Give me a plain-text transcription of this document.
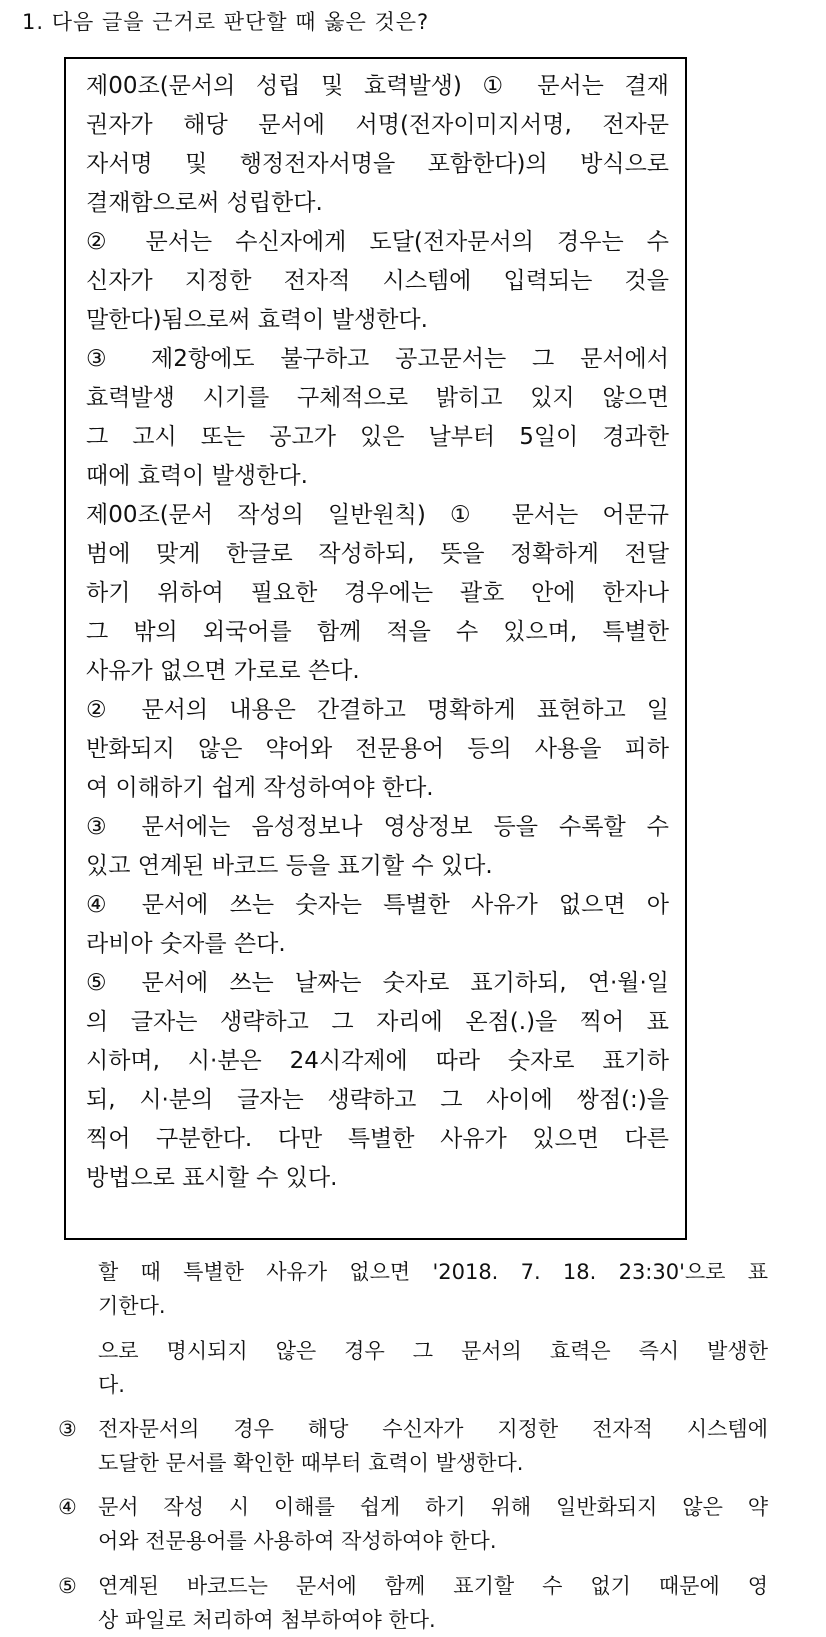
1. 다음 글을 근거로 판단할 때 옳은 것은?
제00조(문서의 성립 및 효력발생) ① 문서는 결재
권자가 해당 문서에 서명(전자이미지서명, 전자문
자서명 및 행정전자서명을 포함한다)의 방식으로
결재함으로써 성립한다.
② 문서는 수신자에게 도달(전자문서의 경우는 수
신자가 지정한 전자적 시스템에 입력되는 것을
말한다)됨으로써 효력이 발생한다.
③ 제2항에도 불구하고 공고문서는 그 문서에서
효력발생 시기를 구체적으로 밝히고 있지 않으면
그 고시 또는 공고가 있은 날부터 5일이 경과한
때에 효력이 발생한다.
제00조(문서 작성의 일반원칙) ① 문서는 어문규
범에 맞게 한글로 작성하되, 뜻을 정확하게 전달
하기 위하여 필요한 경우에는 괄호 안에 한자나
그 밖의 외국어를 함께 적을 수 있으며, 특별한
사유가 없으면 가로로 쓴다.
② 문서의 내용은 간결하고 명확하게 표현하고 일
반화되지 않은 약어와 전문용어 등의 사용을 피하
여 이해하기 쉽게 작성하여야 한다.
③ 문서에는 음성정보나 영상정보 등을 수록할 수
있고 연계된 바코드 등을 표기할 수 있다.
④ 문서에 쓰는 숫자는 특별한 사유가 없으면 아
라비아 숫자를 쓴다.
⑤ 문서에 쓰는 날짜는 숫자로 표기하되, 연·월·일
의 글자는 생략하고 그 자리에 온점(.)을 찍어 표
시하며, 시·분은 24시각제에 따라 숫자로 표기하
되, 시·분의 글자는 생략하고 그 사이에 쌍점(:)을
찍어 구분한다. 다만 특별한 사유가 있으면 다른
방법으로 표시할 수 있다.
할 때 특별한 사유가 없으면 '2018. 7. 18. 23:30'으로 표
기한다.
으로 명시되지 않은 경우 그 문서의 효력은 즉시 발생한
다.
③ 전자문서의 경우 해당 수신자가 지정한 전자적 시스템에
도달한 문서를 확인한 때부터 효력이 발생한다.
④ 문서 작성 시 이해를 쉽게 하기 위해 일반화되지 않은 약
어와 전문용어를 사용하여 작성하여야 한다.
⑤ 연계된 바코드는 문서에 함께 표기할 수 없기 때문에 영
상 파일로 처리하여 첨부하여야 한다.
